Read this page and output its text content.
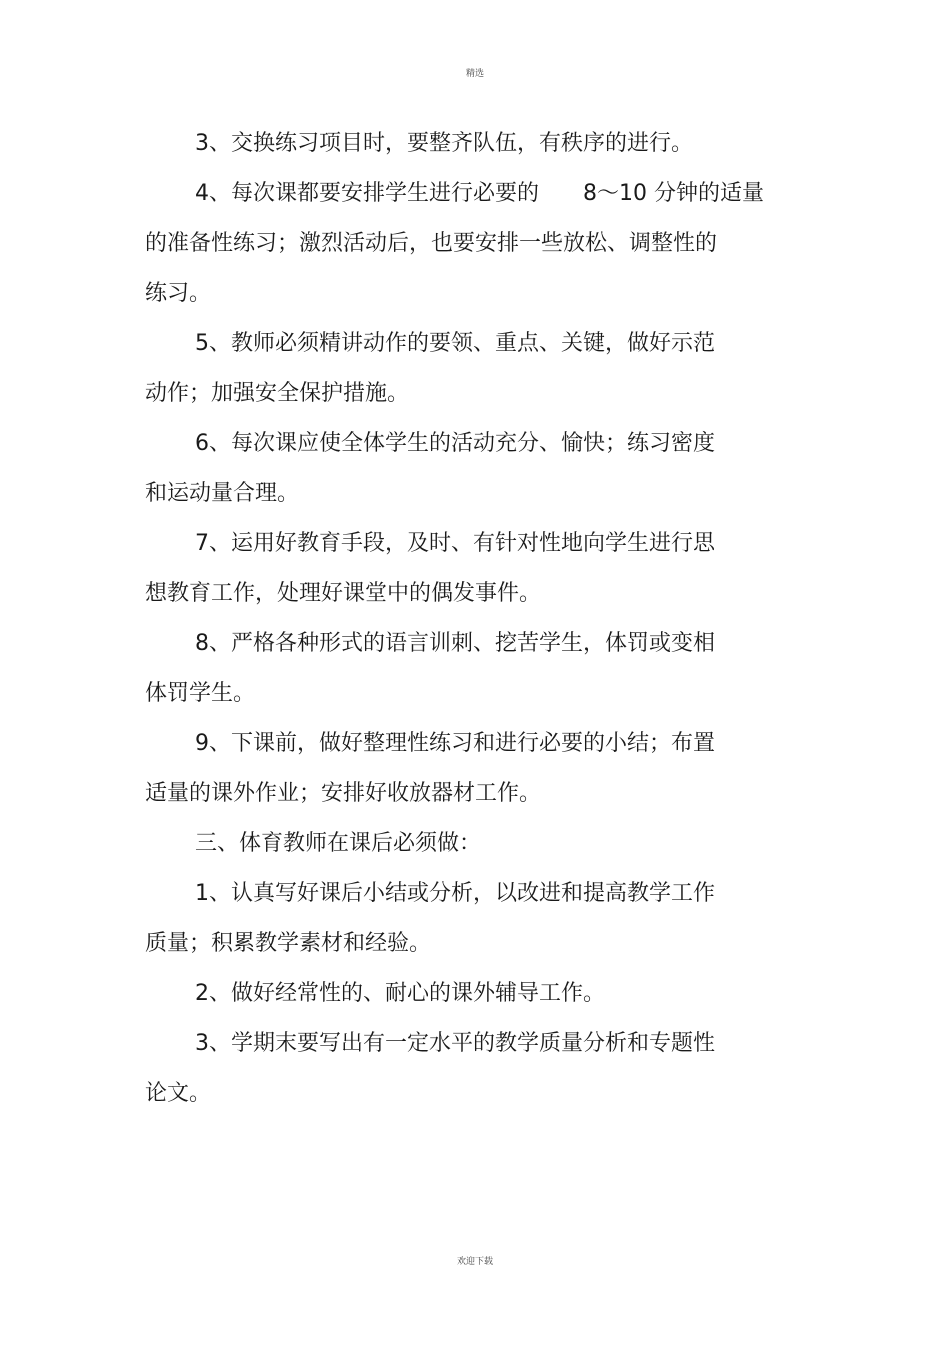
精选
3、交换练习项目时，要整齐队伍，有秩序的进行。
4、每次课都要安排学生进行必要的　　8～10 分钟的适量
的准备性练习；激烈活动后，也要安排一些放松、调整性的
练习。
5、教师必须精讲动作的要领、重点、关键，做好示范
动作；加强安全保护措施。
6、每次课应使全体学生的活动充分、愉快；练习密度
和运动量合理。
7、运用好教育手段，及时、有针对性地向学生进行思
想教育工作，处理好课堂中的偶发事件。
8、严格各种形式的语言训刺、挖苦学生，体罚或变相
体罚学生。
9、下课前，做好整理性练习和进行必要的小结；布置
适量的课外作业；安排好收放器材工作。
三、体育教师在课后必须做：
1、认真写好课后小结或分析，以改进和提高教学工作
质量；积累教学素材和经验。
2、做好经常性的、耐心的课外辅导工作。
3、学期末要写出有一定水平的教学质量分析和专题性
论文。
欢迎下载
